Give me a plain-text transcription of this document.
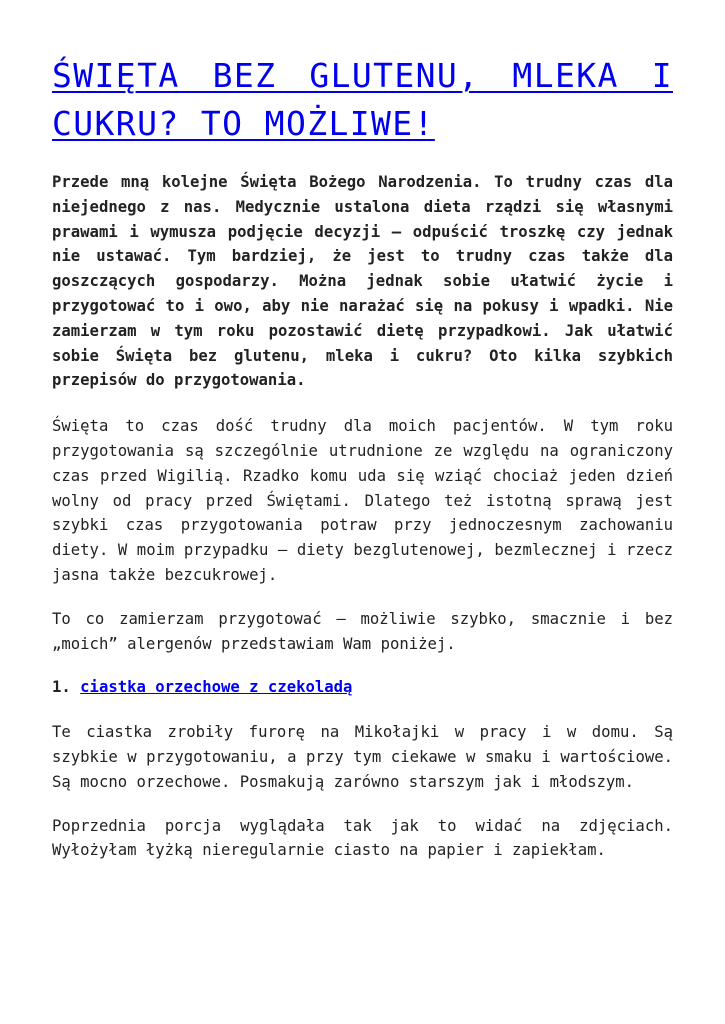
ŚWIĘTA BEZ GLUTENU, MLEKA I CUKRU? TO MOŻLIWE!

Przede mną kolejne Święta Bożego Narodzenia. To trudny czas dla niejednego z nas. Medycznie ustalona dieta rządzi się własnymi prawami i wymusza podjęcie decyzji – odpuścić troszkę czy jednak nie ustawać. Tym bardziej, że jest to trudny czas także dla goszczących gospodarzy. Można jednak sobie ułatwić życie i przygotować to i owo, aby nie narażać się na pokusy i wpadki. Nie zamierzam w tym roku pozostawić dietę przypadkowi. Jak ułatwić sobie Święta bez glutenu, mleka i cukru? Oto kilka szybkich przepisów do przygotowania.

Święta to czas dość trudny dla moich pacjentów. W tym roku przygotowania są szczególnie utrudnione ze względu na ograniczony czas przed Wigilią. Rzadko komu uda się wziąć chociaż jeden dzień wolny od pracy przed Świętami. Dlatego też istotną sprawą jest szybki czas przygotowania potraw przy jednoczesnym zachowaniu diety. W moim przypadku – diety bezglutenowej, bezmlecznej i rzecz jasna także bezcukrowej.

To co zamierzam przygotować – możliwie szybko, smacznie i bez „moich” alergenów przedstawiam Wam poniżej.

1. ciastka orzechowe z czekoladą

Te ciastka zrobiły furorę na Mikołajki w pracy i w domu. Są szybkie w przygotowaniu, a przy tym ciekawe w smaku i wartościowe. Są mocno orzechowe. Posmakują zarówno starszym jak i młodszym.

Poprzednia porcja wyglądała tak jak to widać na zdjęciach. Wyłożyłam łyżką nieregularnie ciasto na papier i zapiekłam.
